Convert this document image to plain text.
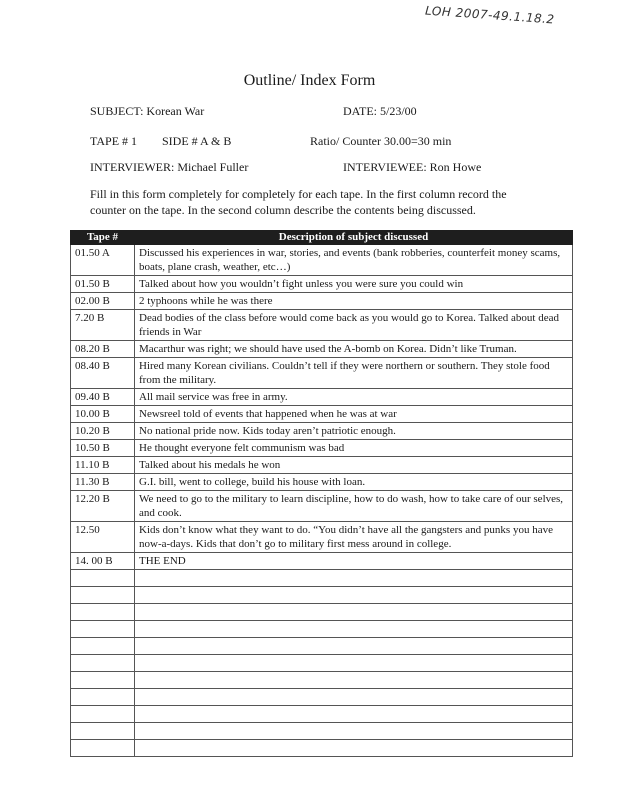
LOH 2007-49.1.18.2
Outline/ Index Form
SUBJECT: Korean War	DATE: 5/23/00
TAPE # 1 SIDE # A & B	Ratio/ Counter 30.00=30 min
INTERVIEWER: Michael Fuller	INTERVIEWEE: Ron Howe
Fill in this form completely for completely for each tape. In the first column record the counter on the tape. In the second column describe the contents being discussed.
Tape #	Description of subject discussed
01.50 A	Discussed his experiences in war, stories, and events (bank robberies, counterfeit money scams, boats, plane crash, weather, etc…)
01.50 B	Talked about how you wouldn’t fight unless you were sure you could win
02.00 B	2 typhoons while he was there
7.20 B	Dead bodies of the class before would come back as you would go to Korea. Talked about dead friends in War
08.20 B	Macarthur was right; we should have used the A-bomb on Korea. Didn’t like Truman.
08.40 B	Hired many Korean civilians. Couldn’t tell if they were northern or southern. They stole food from the military.
09.40 B	All mail service was free in army.
10.00 B	Newsreel told of events that happened when he was at war
10.20 B	No national pride now. Kids today aren’t patriotic enough.
10.50 B	He thought everyone felt communism was bad
11.10 B	Talked about his medals he won
11.30 B	G.I. bill, went to college, build his house with loan.
12.20 B	We need to go to the military to learn discipline, how to do wash, how to take care of our selves, and cook.
12.50	Kids don’t know what they want to do. “You didn’t have all the gangsters and punks you have now-a-days. Kids that don’t go to military first mess around in college.
14. 00 B	THE END
